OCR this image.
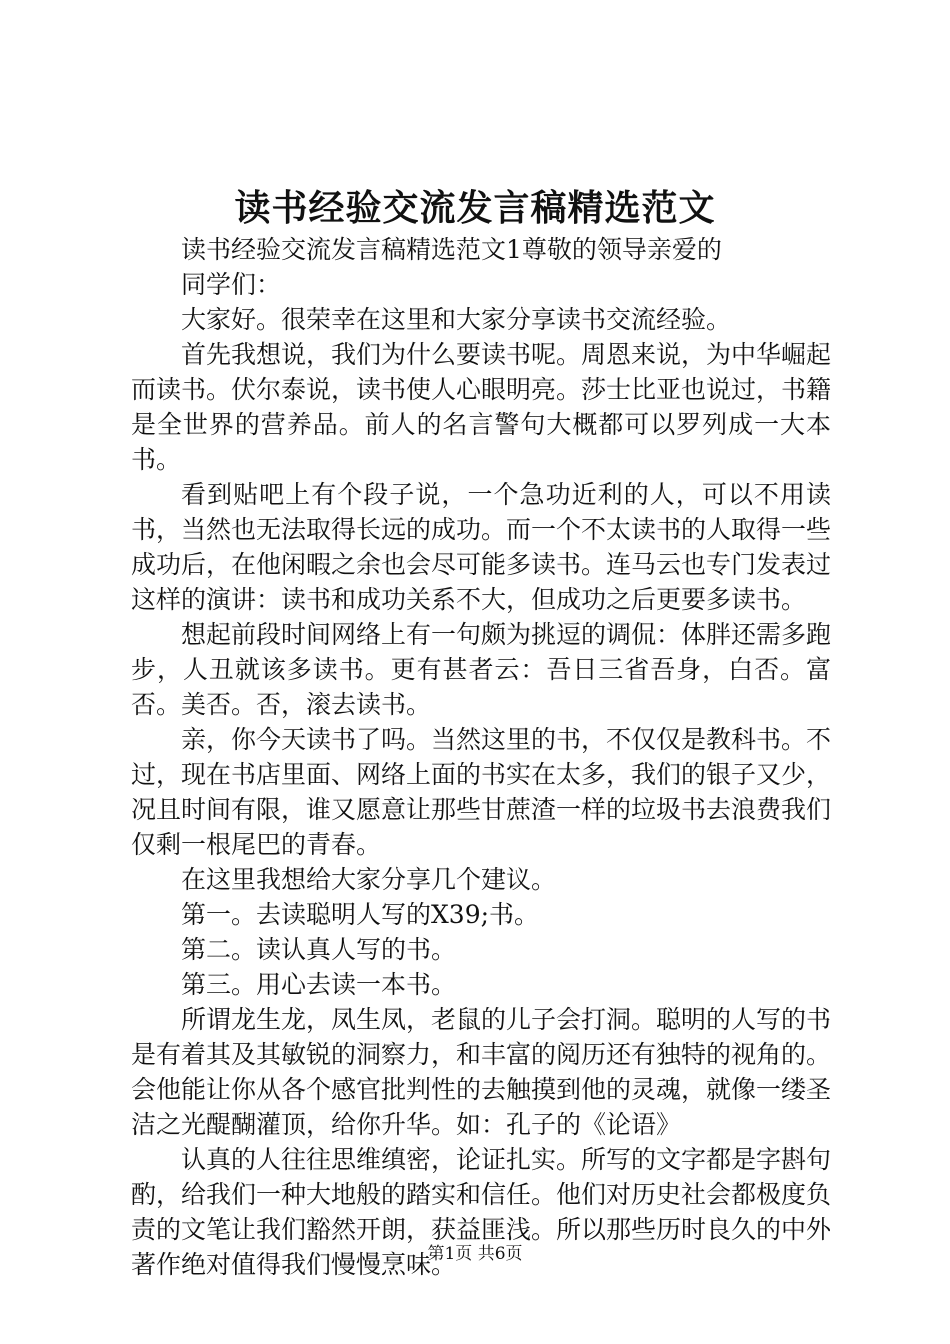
读书经验交流发言稿精选范文

读书经验交流发言稿精选范文1尊敬的领导亲爱的

同学们：

大家好。很荣幸在这里和大家分享读书交流经验。

首先我想说，我们为什么要读书呢。周恩来说，为中华崛起而读书。伏尔泰说，读书使人心眼明亮。莎士比亚也说过，书籍是全世界的营养品。前人的名言警句大概都可以罗列成一大本书。

看到贴吧上有个段子说，一个急功近利的人，可以不用读书，当然也无法取得长远的成功。而一个不太读书的人取得一些成功后，在他闲暇之余也会尽可能多读书。连马云也专门发表过这样的演讲：读书和成功关系不大，但成功之后更要多读书。

想起前段时间网络上有一句颇为挑逗的调侃：体胖还需多跑步，人丑就该多读书。更有甚者云：吾日三省吾身，白否。富否。美否。否，滚去读书。

亲，你今天读书了吗。当然这里的书，不仅仅是教科书。不过，现在书店里面、网络上面的书实在太多，我们的银子又少，况且时间有限，谁又愿意让那些甘蔗渣一样的垃圾书去浪费我们仅剩一根尾巴的青春。

在这里我想给大家分享几个建议。

第一。去读聪明人写的X39;书。

第二。读认真人写的书。

第三。用心去读一本书。

所谓龙生龙，凤生凤，老鼠的儿子会打洞。聪明的人写的书是有着其及其敏锐的洞察力，和丰富的阅历还有独特的视角的。会他能让你从各个感官批判性的去触摸到他的灵魂，就像一缕圣洁之光醍醐灌顶，给你升华。如：孔子的《论语》

认真的人往往思维缜密，论证扎实。所写的文字都是字斟句酌，给我们一种大地般的踏实和信任。他们对历史社会都极度负责的文笔让我们豁然开朗，获益匪浅。所以那些历时良久的中外著作绝对值得我们慢慢烹味。

第1页 共6页
